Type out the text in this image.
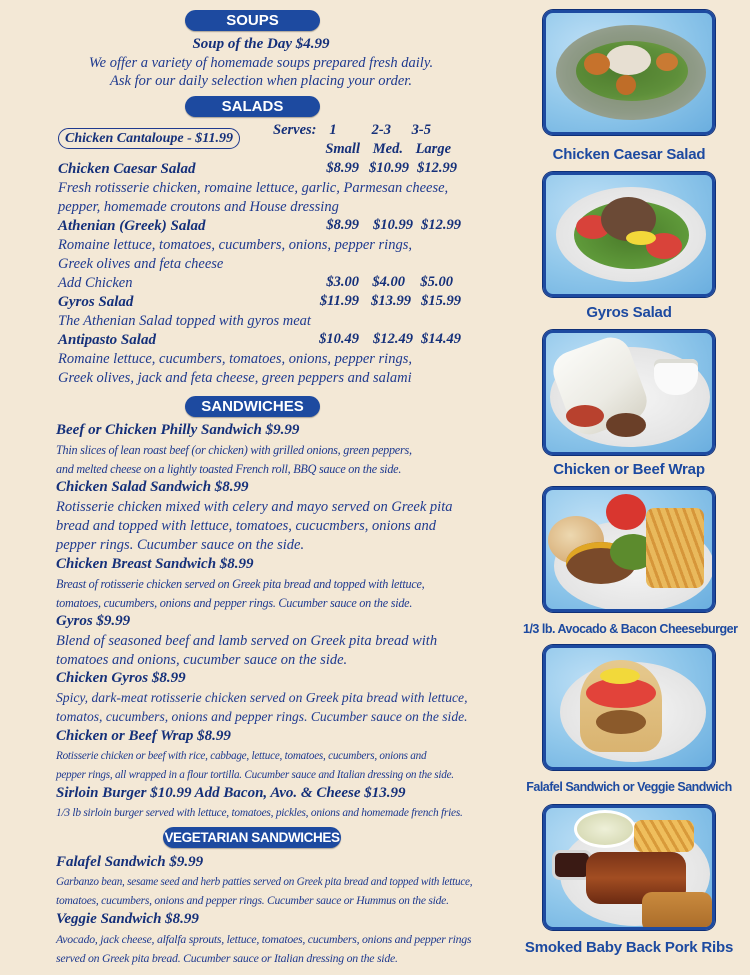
SOUPS
Soup of the Day $4.99
We offer a variety of homemade soups prepared fresh daily.
Ask for our daily selection when placing your order.
SALADS
Chicken Cantaloupe - $11.99
Serves: 1 2-3 3-5
Small Med. Large
Chicken Caesar Salad	$8.99 $10.99 $12.99
Fresh rotisserie chicken, romaine lettuce, garlic, Parmesan cheese,
pepper, homemade croutons and House dressing
Athenian (Greek) Salad	$8.99 $10.99 $12.99
Romaine lettuce, tomatoes, cucumbers, onions, pepper rings,
Greek olives and feta cheese
Add Chicken	$3.00 $4.00 $5.00
Gyros Salad	$11.99 $13.99 $15.99
The Athenian Salad topped with gyros meat
Antipasto Salad	$10.49 $12.49 $14.49
Romaine lettuce, cucumbers, tomatoes, onions, pepper rings,
Greek olives, jack and feta cheese, green peppers and salami
SANDWICHES
Beef or Chicken Philly Sandwich $9.99
Thin slices of lean roast beef (or chicken) with grilled onions, green peppers,
and melted cheese on a lightly toasted French roll, BBQ sauce on the side.
Chicken Salad Sandwich $8.99
Rotisserie chicken mixed with celery and mayo served on Greek pita
bread and topped with lettuce, tomatoes, cucucmbers, onions and
pepper rings. Cucumber sauce on the side.
Chicken Breast Sandwich $8.99
Breast of rotisserie chicken served on Greek pita bread and topped with lettuce,
tomatoes, cucumbers, onions and pepper rings. Cucumber sauce on the side.
Gyros $9.99
Blend of seasoned beef and lamb served on Greek pita bread with
tomatoes and onions, cucumber sauce on the side.
Chicken Gyros $8.99
Spicy, dark-meat rotisserie chicken served on Greek pita bread with lettuce,
tomatos, cucumbers, onions and pepper rings. Cucumber sauce on the side.
Chicken or Beef Wrap $8.99
Rotisserie chicken or beef with rice, cabbage, lettuce, tomatoes, cucumbers, onions and
pepper rings, all wrapped in a flour tortilla. Cucumber sauce and Italian dressing on the side.
Sirloin Burger $10.99 Add Bacon, Avo. & Cheese $13.99
1/3 lb sirloin burger served with lettuce, tomatoes, pickles, onions and homemade french fries.
VEGETARIAN SANDWICHES
Falafel Sandwich $9.99
Garbanzo bean, sesame seed and herb patties served on Greek pita bread and topped with lettuce,
tomatoes, cucumbers, onions and pepper rings. Cucumber sauce or Hummus on the side.
Veggie Sandwich $8.99
Avocado, jack cheese, alfalfa sprouts, lettuce, tomatoes, cucumbers, onions and pepper rings
served on Greek pita bread. Cucumber sauce or Italian dressing on the side.
Chicken Caesar Salad
Gyros Salad
Chicken or Beef Wrap
1/3 lb. Avocado & Bacon Cheeseburger
Falafel Sandwich or Veggie Sandwich
Smoked Baby Back Pork Ribs
